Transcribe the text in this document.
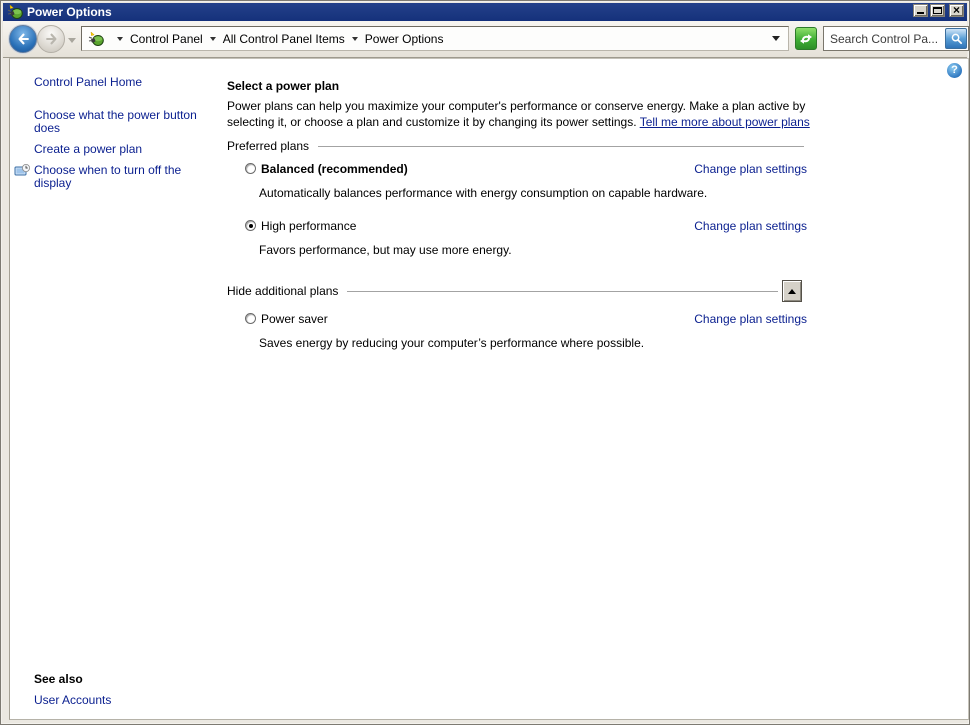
Power Options	×
Control Panel All Control Panel Items Power Options
Search Control Pa...
?
Control Panel Home
Choose what the power button does
Create a power plan
Choose when to turn off the display
See also
User Accounts
Select a power plan
Power plans can help you maximize your computer's performance or conserve energy. Make a plan active by selecting it, or choose a plan and customize it by changing its power settings. Tell me more about power plans
Preferred plans
Balanced (recommended)	Change plan settings
Automatically balances performance with energy consumption on capable hardware.
High performance	Change plan settings
Favors performance, but may use more energy.
Hide additional plans
Power saver	Change plan settings
Saves energy by reducing your computer’s performance where possible.
